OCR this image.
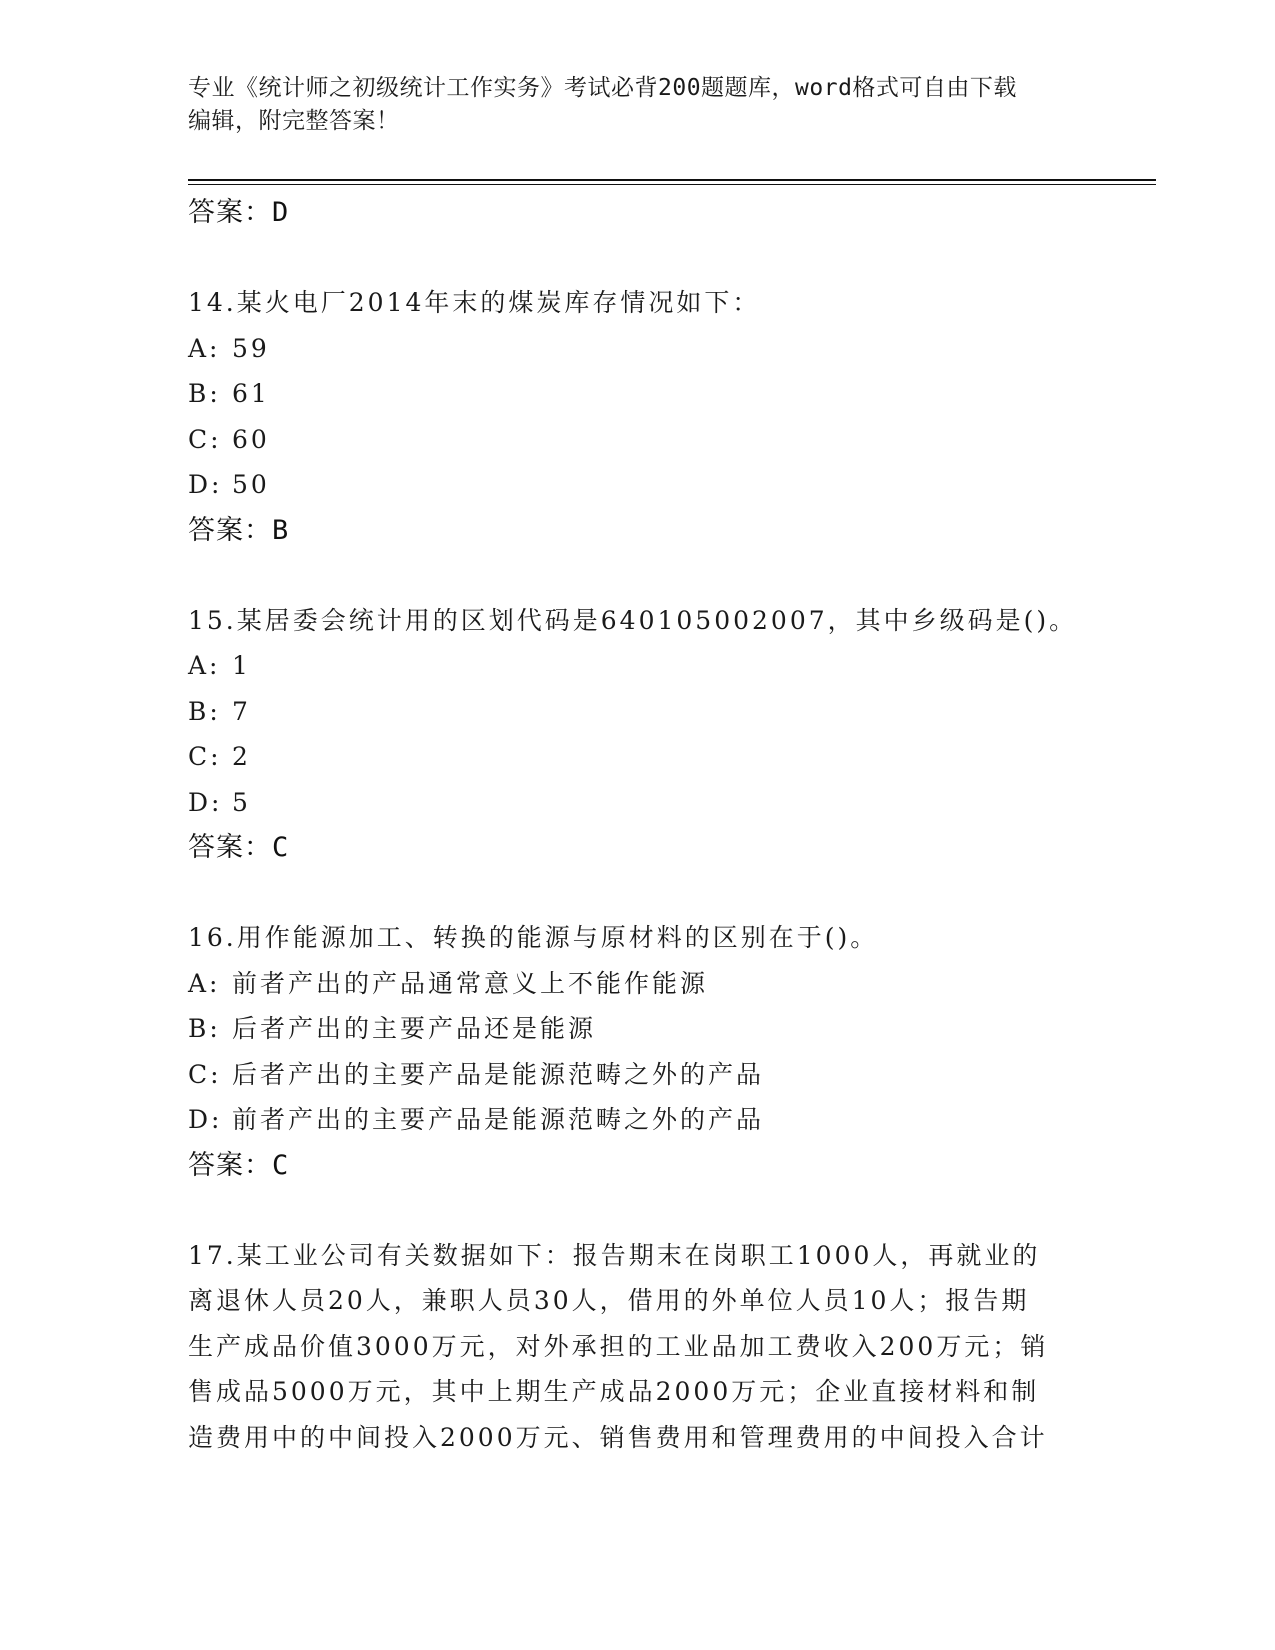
专业《统计师之初级统计工作实务》考试必背200题题库，word格式可自由下载
编辑，附完整答案！
答案：D
14.某火电厂2014年末的煤炭库存情况如下：
A: 59
B: 61
C: 60
D: 50
答案：B
15.某居委会统计用的区划代码是640105002007，其中乡级码是()。
A: 1
B: 7
C: 2
D: 5
答案：C
16.用作能源加工、转换的能源与原材料的区别在于()。
A: 前者产出的产品通常意义上不能作能源
B: 后者产出的主要产品还是能源
C: 后者产出的主要产品是能源范畴之外的产品
D: 前者产出的主要产品是能源范畴之外的产品
答案：C
17.某工业公司有关数据如下：报告期末在岗职工1000人，再就业的
离退休人员20人，兼职人员30人，借用的外单位人员10人；报告期
生产成品价值3000万元，对外承担的工业品加工费收入200万元；销
售成品5000万元，其中上期生产成品2000万元；企业直接材料和制
造费用中的中间投入2000万元、销售费用和管理费用的中间投入合计
